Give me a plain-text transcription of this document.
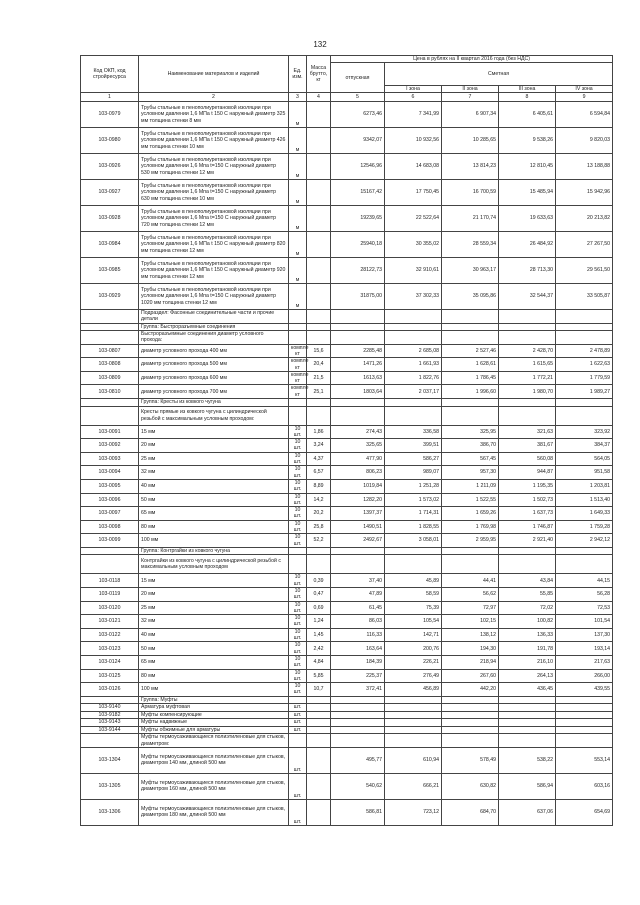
132
Код ОКП, код стройресурса	Наименование материалов и изделий	Ед. изм.	Масса брутто, кг	Цена в рублях на II квартал 2016 года (без НДС)				
				отпускная	Сметная			
					I зона	II зона	III зона	IV зона
1	2	3	4	5	6	7	8	9
103-0979	Трубы стальные в пенополиуретановой изоляции при условном давлении 1,6 МПа t 150 С наружный диаметр 325 мм толщина стенки 8 мм	м		6273,46	7 341,99	6 907,34	6 405,61	6 594,84
103-0980	Трубы стальные в пенополиуретановой изоляции при условном давлении 1,6 МПа t 150 С наружный диаметр 426 мм толщина стенки 10 мм	м		9342,07	10 932,56	10 285,65	9 538,26	9 820,03
103-0926	Трубы стальные в пенополиуретановой изоляции при условном давлении 1,6 Мпа t=150 С наружный диаметр 530 мм толщина стенки 12 мм	м		12546,96	14 683,08	13 814,23	12 810,45	13 188,88
103-0927	Трубы стальные в пенополиуретановой изоляции при условном давлении 1,6 Мпа t=150 С наружный диаметр 630 мм толщина стенки 10 мм	м		15167,42	17 750,45	16 700,59	15 485,94	15 942,96
103-0928	Трубы стальные в пенополиуретановой изоляции при условном давлении 1,6 Мпа t=150 С наружный диаметр 720 мм толщина стенки 12 мм	м		19239,65	22 522,64	21 170,74	19 633,63	20 213,82
103-0984	Трубы стальные в пенополиуретановой изоляции при условном давлении 1,6 МПа t 150 С наружный диаметр 820 мм толщина стенки 12 мм	м		25940,18	30 355,02	28 559,34	26 484,92	27 267,50
103-0985	Трубы стальные в пенополиуретановой изоляции при условном давлении 1,6 МПа t 150 С наружный диаметр 920 мм толщина стенки 12 мм	м		28122,73	32 910,61	30 963,17	28 713,30	29 561,50
103-0929	Трубы стальные в пенополиуретановой изоляции при условном давлении 1,6 Мпа t=150 С наружный диаметр 1020 мм толщина стенки 12 мм	м		31875,00	37 302,33	35 095,86	32 544,37	33 505,87
	Подраздел: Фасонные соединительные части и прочие детали							
	Группа: Быстроразъемные соединения							
	Быстроразъемные соединения диаметр условного прохода:							
103-0807	диаметр условного прохода 400 мм	компле кт	15,6	2285,48	2 685,08	2 527,46	2 428,70	2 478,89
103-0808	диаметр условного прохода 500 мм	компле кт	20,4	1471,26	1 661,93	1 628,61	1 615,65	1 622,63
103-0809	диаметр условного прохода 600 мм	компле кт	21,5	1613,63	1 822,76	1 786,45	1 772,21	1 779,59
103-0810	диаметр условного прохода 700 мм	компле кт	25,1	1803,64	2 037,17	1 996,60	1 980,70	1 989,27
	Группа: Кресты из ковкого чугуна							
	Кресты прямые из ковкого чугуна с цилиндрической резьбой с максимальным условным проходом:							
103-0091	15 мм	10 шт.	1,86	274,43	336,58	325,95	321,63	323,92
103-0092	20 мм	10 шт.	3,24	325,65	399,51	386,70	381,67	384,37
103-0093	25 мм	10 шт.	4,37	477,90	586,27	567,45	560,08	564,05
103-0094	32 мм	10 шт.	6,57	806,23	989,07	957,30	944,87	951,58
103-0095	40 мм	10 шт.	8,89	1019,84	1 251,28	1 211,09	1 195,35	1 203,81
103-0096	50 мм	10 шт.	14,2	1282,20	1 573,02	1 522,55	1 502,73	1 513,40
103-0097	65 мм	10 шт.	20,2	1397,37	1 714,31	1 659,26	1 637,73	1 649,33
103-0098	80 мм	10 шт.	25,8	1490,51	1 828,55	1 769,98	1 746,87	1 759,28
103-0099	100 мм	10 шт.	52,2	2492,67	3 058,01	2 959,95	2 921,40	2 942,12
	Группа: Контргайки из ковкого чугуна							
	Контргайки из ковкого чугуна с цилиндрической резьбой с максимальным условным проходом							
103-0118	15 мм	10 шт.	0,39	37,40	45,89	44,41	43,84	44,15
103-0119	20 мм	10 шт.	0,47	47,89	58,59	56,62	55,85	56,28
103-0120	25 мм	10 шт.	0,69	61,45	75,39	72,97	72,02	72,53
103-0121	32 мм	10 шт.	1,24	86,03	105,54	102,15	100,82	101,54
103-0122	40 мм	10 шт.	1,45	116,33	142,71	138,12	136,33	137,30
103-0123	50 мм	10 шт.	2,42	163,64	200,76	194,30	191,78	193,14
103-0124	65 мм	10 шт.	4,84	184,39	226,21	218,94	216,10	217,63
103-0125	80 мм	10 шт.	5,85	225,37	276,49	267,60	264,13	266,00
103-0126	100 мм	10 шт.	10,7	372,41	456,89	442,20	436,45	439,55
	Группа: Муфты							
103-9140	Арматура муфтовая	шт.						
103-9182	Муфты компенсирующие	шт.						
103-9143	Муфты надвижные	шт.						
103-9144	Муфты обжимные для арматуры	шт.						
	Муфты термоусаживающиеся полиэтиленовые для стыков, диаметром:							
103-1304	Муфты термоусаживающиеся полиэтиленовые для стыков, диаметром 140 мм, длиной 500 мм	шт.		495,77	610,94	578,49	538,22	553,14
103-1305	Муфты термоусаживающиеся полиэтиленовые для стыков, диаметром 160 мм, длиной 500 мм	шт.		540,62	666,21	630,82	586,94	603,16
103-1306	Муфты термоусаживающиеся полиэтиленовые для стыков, диаметром 180 мм, длиной 500 мм	шт.		586,81	723,12	684,70	637,06	654,69
